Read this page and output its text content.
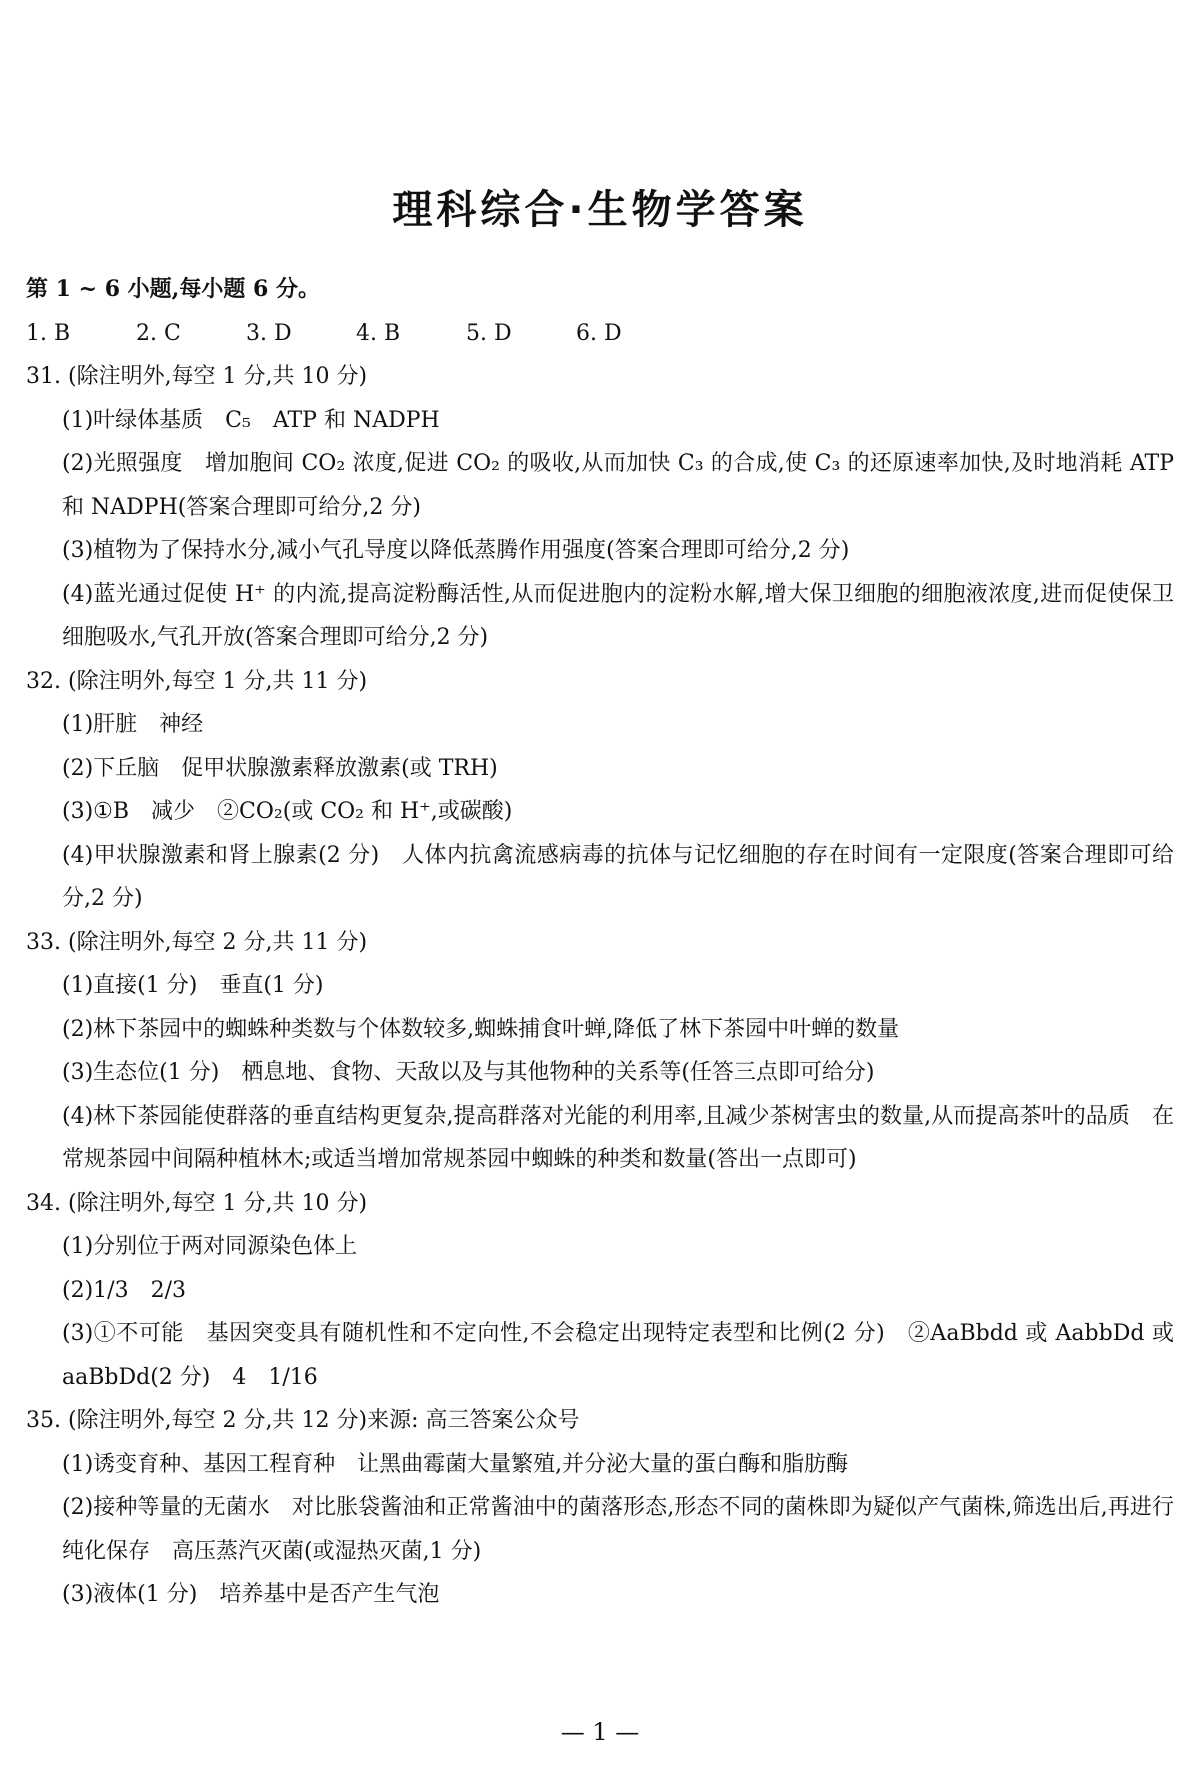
理科综合·生物学答案
第 1 ~ 6 小题,每小题 6 分。
1. B	2. C	3. D	4. B	5. D	6. D
31. (除注明外,每空 1 分,共 10 分)
(1)叶绿体基质　C₅　ATP 和 NADPH
(2)光照强度　增加胞间 CO₂ 浓度,促进 CO₂ 的吸收,从而加快 C₃ 的合成,使 C₃ 的还原速率加快,及时地消耗 ATP 和 NADPH(答案合理即可给分,2 分)
(3)植物为了保持水分,减小气孔导度以降低蒸腾作用强度(答案合理即可给分,2 分)
(4)蓝光通过促使 H⁺ 的内流,提高淀粉酶活性,从而促进胞内的淀粉水解,增大保卫细胞的细胞液浓度,进而促使保卫细胞吸水,气孔开放(答案合理即可给分,2 分)
32. (除注明外,每空 1 分,共 11 分)
(1)肝脏　神经
(2)下丘脑　促甲状腺激素释放激素(或 TRH)
(3)①B　减少　②CO₂(或 CO₂ 和 H⁺,或碳酸)
(4)甲状腺激素和肾上腺素(2 分)　人体内抗禽流感病毒的抗体与记忆细胞的存在时间有一定限度(答案合理即可给分,2 分)
33. (除注明外,每空 2 分,共 11 分)
(1)直接(1 分)　垂直(1 分)
(2)林下茶园中的蜘蛛种类数与个体数较多,蜘蛛捕食叶蝉,降低了林下茶园中叶蝉的数量
(3)生态位(1 分)　栖息地、食物、天敌以及与其他物种的关系等(任答三点即可给分)
(4)林下茶园能使群落的垂直结构更复杂,提高群落对光能的利用率,且减少茶树害虫的数量,从而提高茶叶的品质　在常规茶园中间隔种植林木;或适当增加常规茶园中蜘蛛的种类和数量(答出一点即可)
34. (除注明外,每空 1 分,共 10 分)
(1)分别位于两对同源染色体上
(2)1/3　2/3
(3)①不可能　基因突变具有随机性和不定向性,不会稳定出现特定表型和比例(2 分)　②AaBbdd 或 AabbDd 或 aaBbDd(2 分)　4　1/16
35. (除注明外,每空 2 分,共 12 分)来源: 高三答案公众号
(1)诱变育种、基因工程育种　让黑曲霉菌大量繁殖,并分泌大量的蛋白酶和脂肪酶
(2)接种等量的无菌水　对比胀袋酱油和正常酱油中的菌落形态,形态不同的菌株即为疑似产气菌株,筛选出后,再进行纯化保存　高压蒸汽灭菌(或湿热灭菌,1 分)
(3)液体(1 分)　培养基中是否产生气泡
— 1 —
